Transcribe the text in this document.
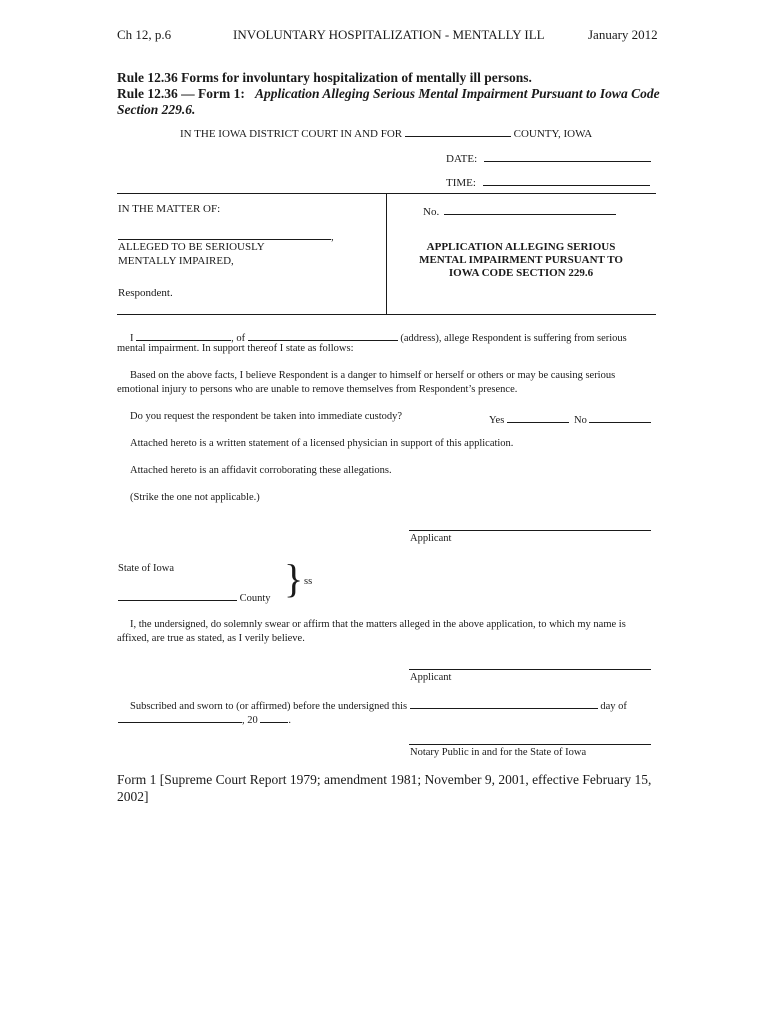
Ch 12, p.6	INVOLUNTARY HOSPITALIZATION - MENTALLY ILL	January 2012
Rule 12.36 Forms for involuntary hospitalization of mentally ill persons.
Rule 12.36 — Form 1: Application Alleging Serious Mental Impairment Pursuant to Iowa Code
Section 229.6.
IN THE IOWA DISTRICT COURT IN AND FOR	COUNTY, IOWA
DATE:
TIME:
IN THE MATTER OF:
,
ALLEGED TO BE SERIOUSLY
MENTALLY IMPAIRED,
Respondent.
No.
APPLICATION ALLEGING SERIOUS
MENTAL IMPAIRMENT PURSUANT TO
IOWA CODE SECTION 229.6
I	, of	(address), allege Respondent is suffering from serious
mental impairment. In support thereof I state as follows:
Based on the above facts, I believe Respondent is a danger to himself or herself or others or may be causing serious
emotional injury to persons who are unable to remove themselves from Respondent’s presence.
Do you request the respondent be taken into immediate custody?	Yes	No
Attached hereto is a written statement of a licensed physician in support of this application.
Attached hereto is an affidavit corroborating these allegations.
(Strike the one not applicable.)
Applicant
State of Iowa
County } ss
I, the undersigned, do solemnly swear or affirm that the matters alleged in the above application, to which my name is
affixed, are true as stated, as I verily believe.
Applicant
Subscribed and sworn to (or affirmed) before the undersigned this	day of
, 20	.
Notary Public in and for the State of Iowa
Form 1 [Supreme Court Report 1979; amendment 1981; November 9, 2001, effective February 15,
2002]
